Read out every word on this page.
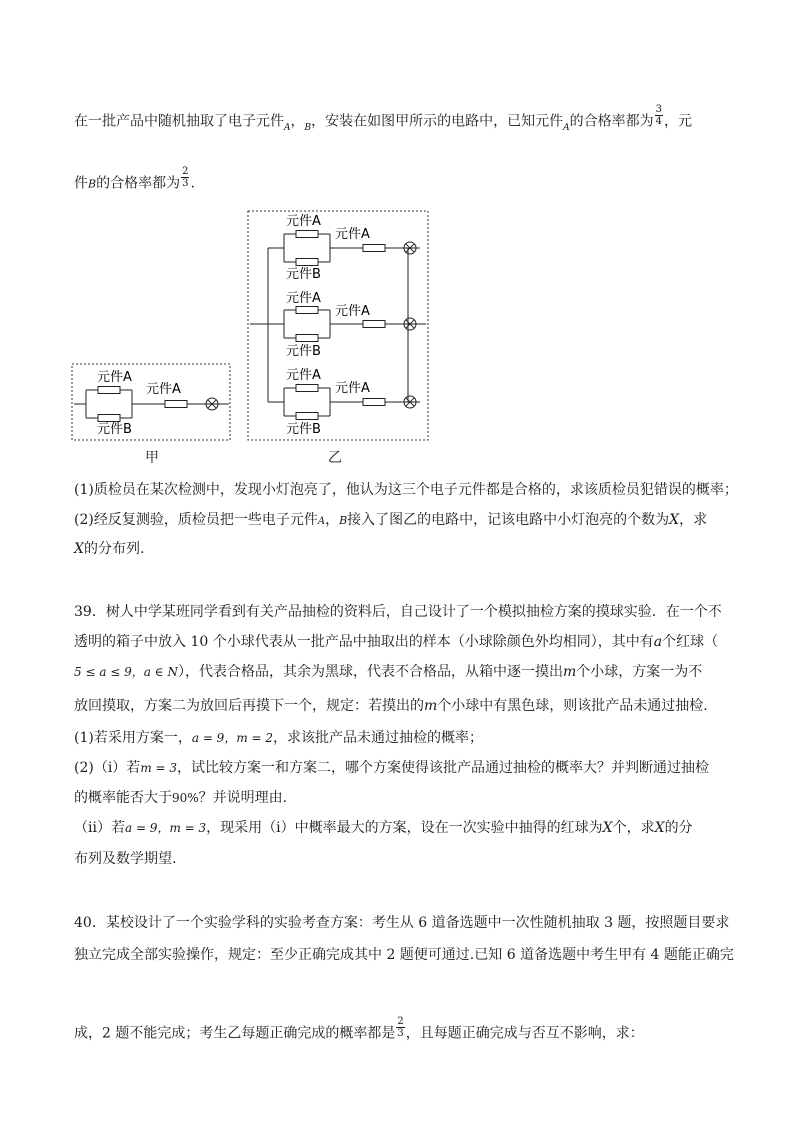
在一批产品中随机抽取了电子元件$_A$，$_B$，安装在如图甲所示的电路中，已知元件$_A$的合格率都为 $\frac{3}{4}$ ，元
件B的合格率都为 $\frac{2}{3}$ .
元件A
元件B
元件A
元件A
元件B
元件A
元件A
元件B
元件A
元件A
元件B
元件A
甲	乙
(1)质检员在某次检测中，发现小灯泡亮了，他认为这三个电子元件都是合格的，求该质检员犯错误的概率；
(2)经反复测验，质检员把一些电子元件A，B接入了图乙的电路中，记该电路中小灯泡亮的个数为X，求
X的分布列.
39．树人中学某班同学看到有关产品抽检的资料后，自己设计了一个模拟抽检方案的摸球实验．在一个不
透明的箱子中放入 10 个小球代表从一批产品中抽取出的样本（小球除颜色外均相同），其中有a个红球（
5 ≤ a ≤ 9，a ∈ N），代表合格品，其余为黑球，代表不合格品，从箱中逐一摸出m个小球，方案一为不
放回摸取，方案二为放回后再摸下一个，规定：若摸出的m个小球中有黑色球，则该批产品未通过抽检.
(1)若采用方案一，a = 9，m = 2，求该批产品未通过抽检的概率；
(2)（ⅰ）若m = 3，试比较方案一和方案二，哪个方案使得该批产品通过抽检的概率大？并判断通过抽检
的概率能否大于90%？并说明理由.
（ⅱ）若a = 9，m = 3，现采用（ⅰ）中概率最大的方案，设在一次实验中抽得的红球为X个，求X的分
布列及数学期望.
40．某校设计了一个实验学科的实验考查方案：考生从 6 道备选题中一次性随机抽取 3 题，按照题目要求
独立完成全部实验操作，规定：至少正确完成其中 2 题便可通过.已知 6 道备选题中考生甲有 4 题能正确完
成，2 题不能完成；考生乙每题正确完成的概率都是 $\frac{2}{3}$ ，且每题正确完成与否互不影响，求：
